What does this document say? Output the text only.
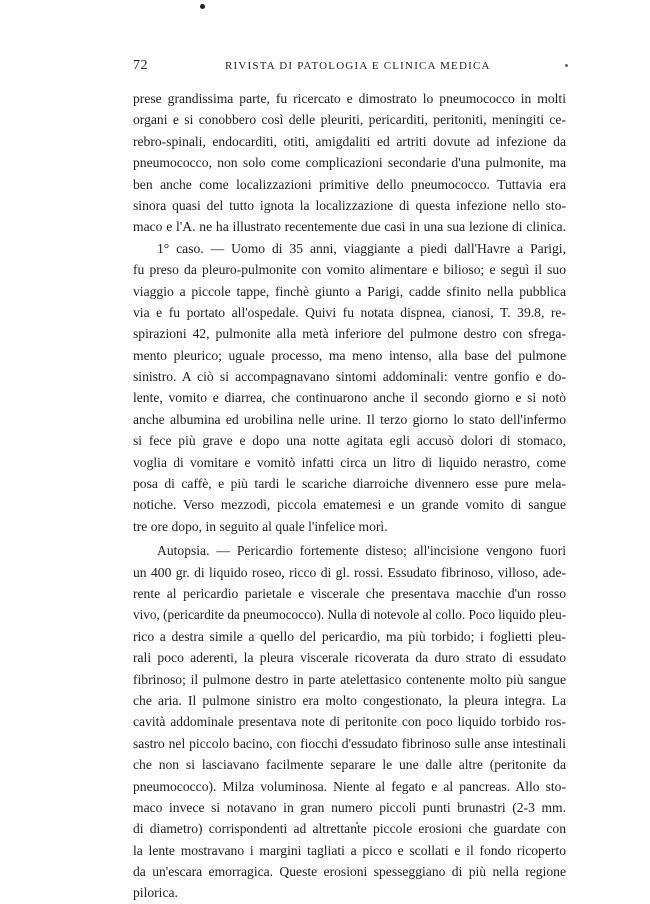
72	RIVISTA DI PATOLOGIA E CLINICA MEDICA
prese grandissima parte, fu ricercato e dimostrato lo pneumococco in molti
organi e si conobbero così delle pleuriti, pericarditi, peritoniti, meningiti ce-
rebro-spinali, endocarditi, otiti, amigdaliti ed artriti dovute ad infezione da
pneumococco, non solo come complicazioni secondarie d'una pulmonite, ma
ben anche come localizzazioni primitive dello pneumococco. Tuttavia era
sinora quasi del tutto ignota la localizzazione di questa infezione nello sto-
maco e l'A. ne ha illustrato recentemente due casi in una sua lezione di clinica.
1° caso. — Uomo di 35 anni, viaggiante a piedi dall'Havre a Parigi,
fu preso da pleuro-pulmonite con vomito alimentare e bilioso; e seguì il suo
viaggio a piccole tappe, finchè giunto a Parigi, cadde sfinito nella pubblica
via e fu portato all'ospedale. Quivi fu notata dispnea, cianosi, T. 39.8, re-
spirazioni 42, pulmonite alla metà inferiore del pulmone destro con sfrega-
mento pleurico; uguale processo, ma meno intenso, alla base del pulmone
sinistro. A ciò si accompagnavano sintomi addominali: ventre gonfio e do-
lente, vomito e diarrea, che continuarono anche il secondo giorno e si notò
anche albumina ed urobilina nelle urine. Il terzo giorno lo stato dell'infermo
si fece più grave e dopo una notte agitata egli accusò dolori di stomaco,
voglia di vomitare e vomitò infatti circa un litro di liquido nerastro, come
posa di caffè, e più tardi le scariche diarroiche divennero esse pure mela-
notiche. Verso mezzodì, piccola ematemesi e un grande vomito di sangue
tre ore dopo, in seguito al quale l'infelice morì.
Autopsia. — Pericardio fortemente disteso; all'incisione vengono fuori
un 400 gr. di liquido roseo, ricco di gl. rossi. Essudato fibrinoso, villoso, ade-
rente al pericardio parietale e viscerale che presentava macchie d'un rosso
vivo, (pericardite da pneumococco). Nulla di notevole al collo. Poco liquido pleu-
rico a destra simile a quello del pericardio, ma più torbido; i foglietti pleu-
rali poco aderenti, la pleura viscerale ricoverata da duro strato di essudato
fibrinoso; il pulmone destro in parte atelettasico contenente molto più sangue
che aria. Il pulmone sinistro era molto congestionato, la pleura integra. La
cavità addominale presentava note di peritonite con poco liquido torbido ros-
sastro nel piccolo bacino, con fiocchi d'essudato fibrinoso sulle anse intestinali
che non si lasciavano facilmente separare le une dalle altre (peritonite da
pneumococco). Milza voluminosa. Niente al fegato e al pancreas. Allo sto-
maco invece si notavano in gran numero piccoli punti brunastri (2-3 mm.
di diametro) corrispondenti ad altrettante piccole erosioni che guardate con
la lente mostravano i margini tagliati a picco e scollati e il fondo ricoperto
da un'escara emorragica. Queste erosioni spesseggiano di più nella regione
pilorica.
